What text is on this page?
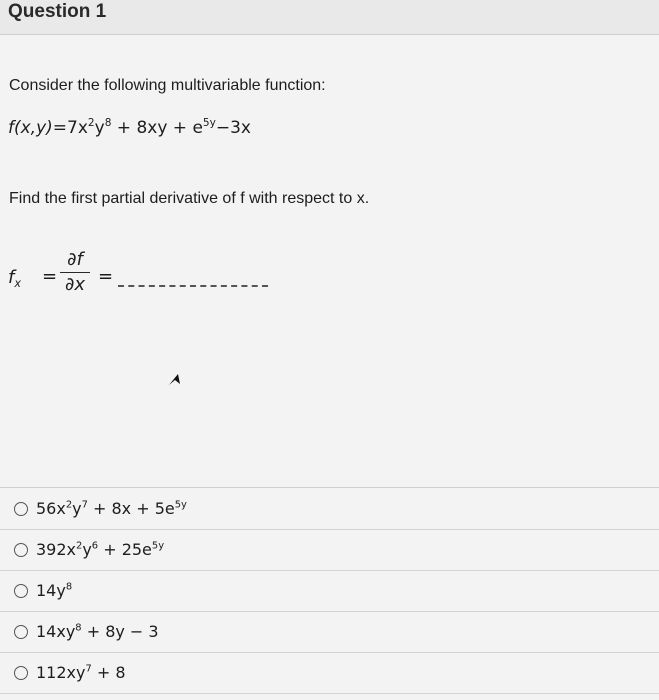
Question 1
Consider the following multivariable function:
$f(x,y)=7x^2y^8 + 8xy + e^{5y}-3x$
Find the first partial derivative of f with respect to x.
$f_x$ =
∂f
∂x =
$56x^2y^7 + 8x + 5e^{5y}$
$392x^2y^6 + 25e^{5y}$
$14y^8$
$14xy^8 + 8y - 3$
$112xy^7 + 8$
